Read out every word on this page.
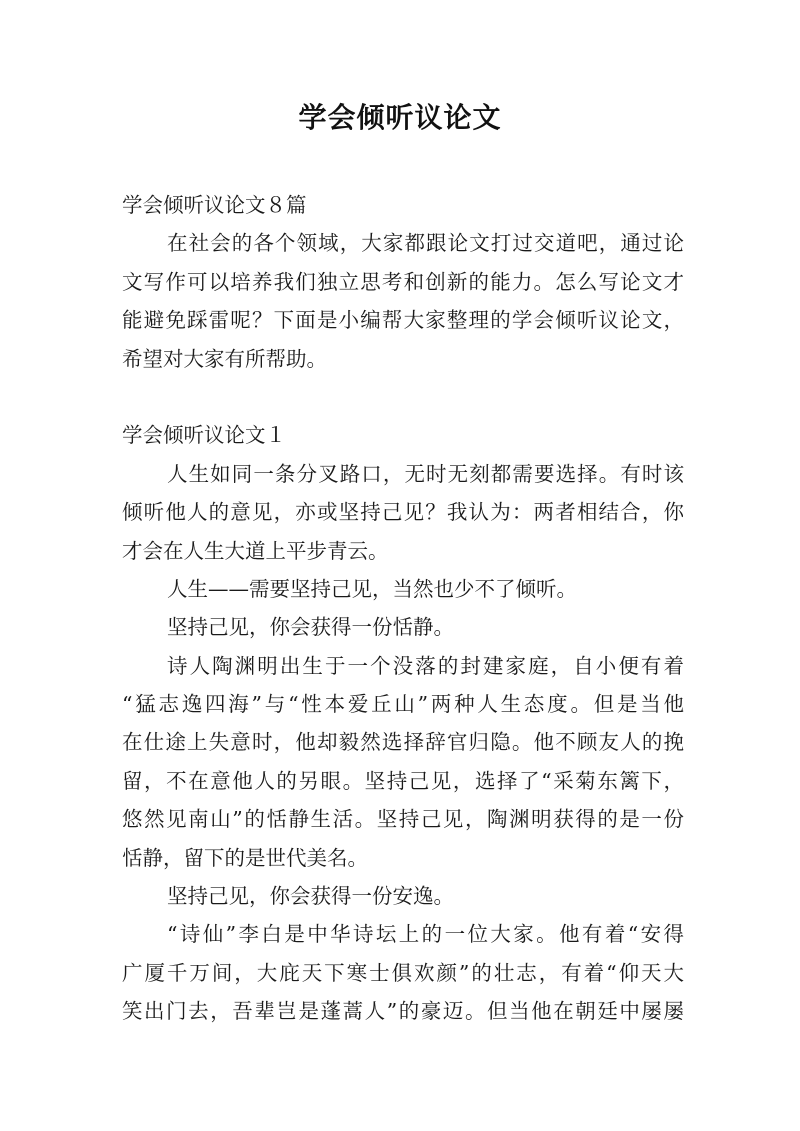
学会倾听议论文
学会倾听议论文８篇
在社会的各个领域，大家都跟论文打过交道吧，通过论
文写作可以培养我们独立思考和创新的能力。怎么写论文才
能避免踩雷呢？下面是小编帮大家整理的学会倾听议论文，
希望对大家有所帮助。
学会倾听议论文１
人生如同一条分叉路口，无时无刻都需要选择。有时该
倾听他人的意见，亦或坚持己见？我认为：两者相结合，你
才会在人生大道上平步青云。
人生——需要坚持己见，当然也少不了倾听。
坚持己见，你会获得一份恬静。
诗人陶渊明出生于一个没落的封建家庭，自小便有着
“猛志逸四海”与“性本爱丘山”两种人生态度。但是当他
在仕途上失意时，他却毅然选择辞官归隐。他不顾友人的挽
留，不在意他人的另眼。坚持己见，选择了“采菊东篱下，
悠然见南山”的恬静生活。坚持己见，陶渊明获得的是一份
恬静，留下的是世代美名。
坚持己见，你会获得一份安逸。
“诗仙”李白是中华诗坛上的一位大家。他有着“安得
广厦千万间，大庇天下寒士俱欢颜”的壮志，有着“仰天大
笑出门去，吾辈岂是蓬蒿人”的豪迈。但当他在朝廷中屡屡
